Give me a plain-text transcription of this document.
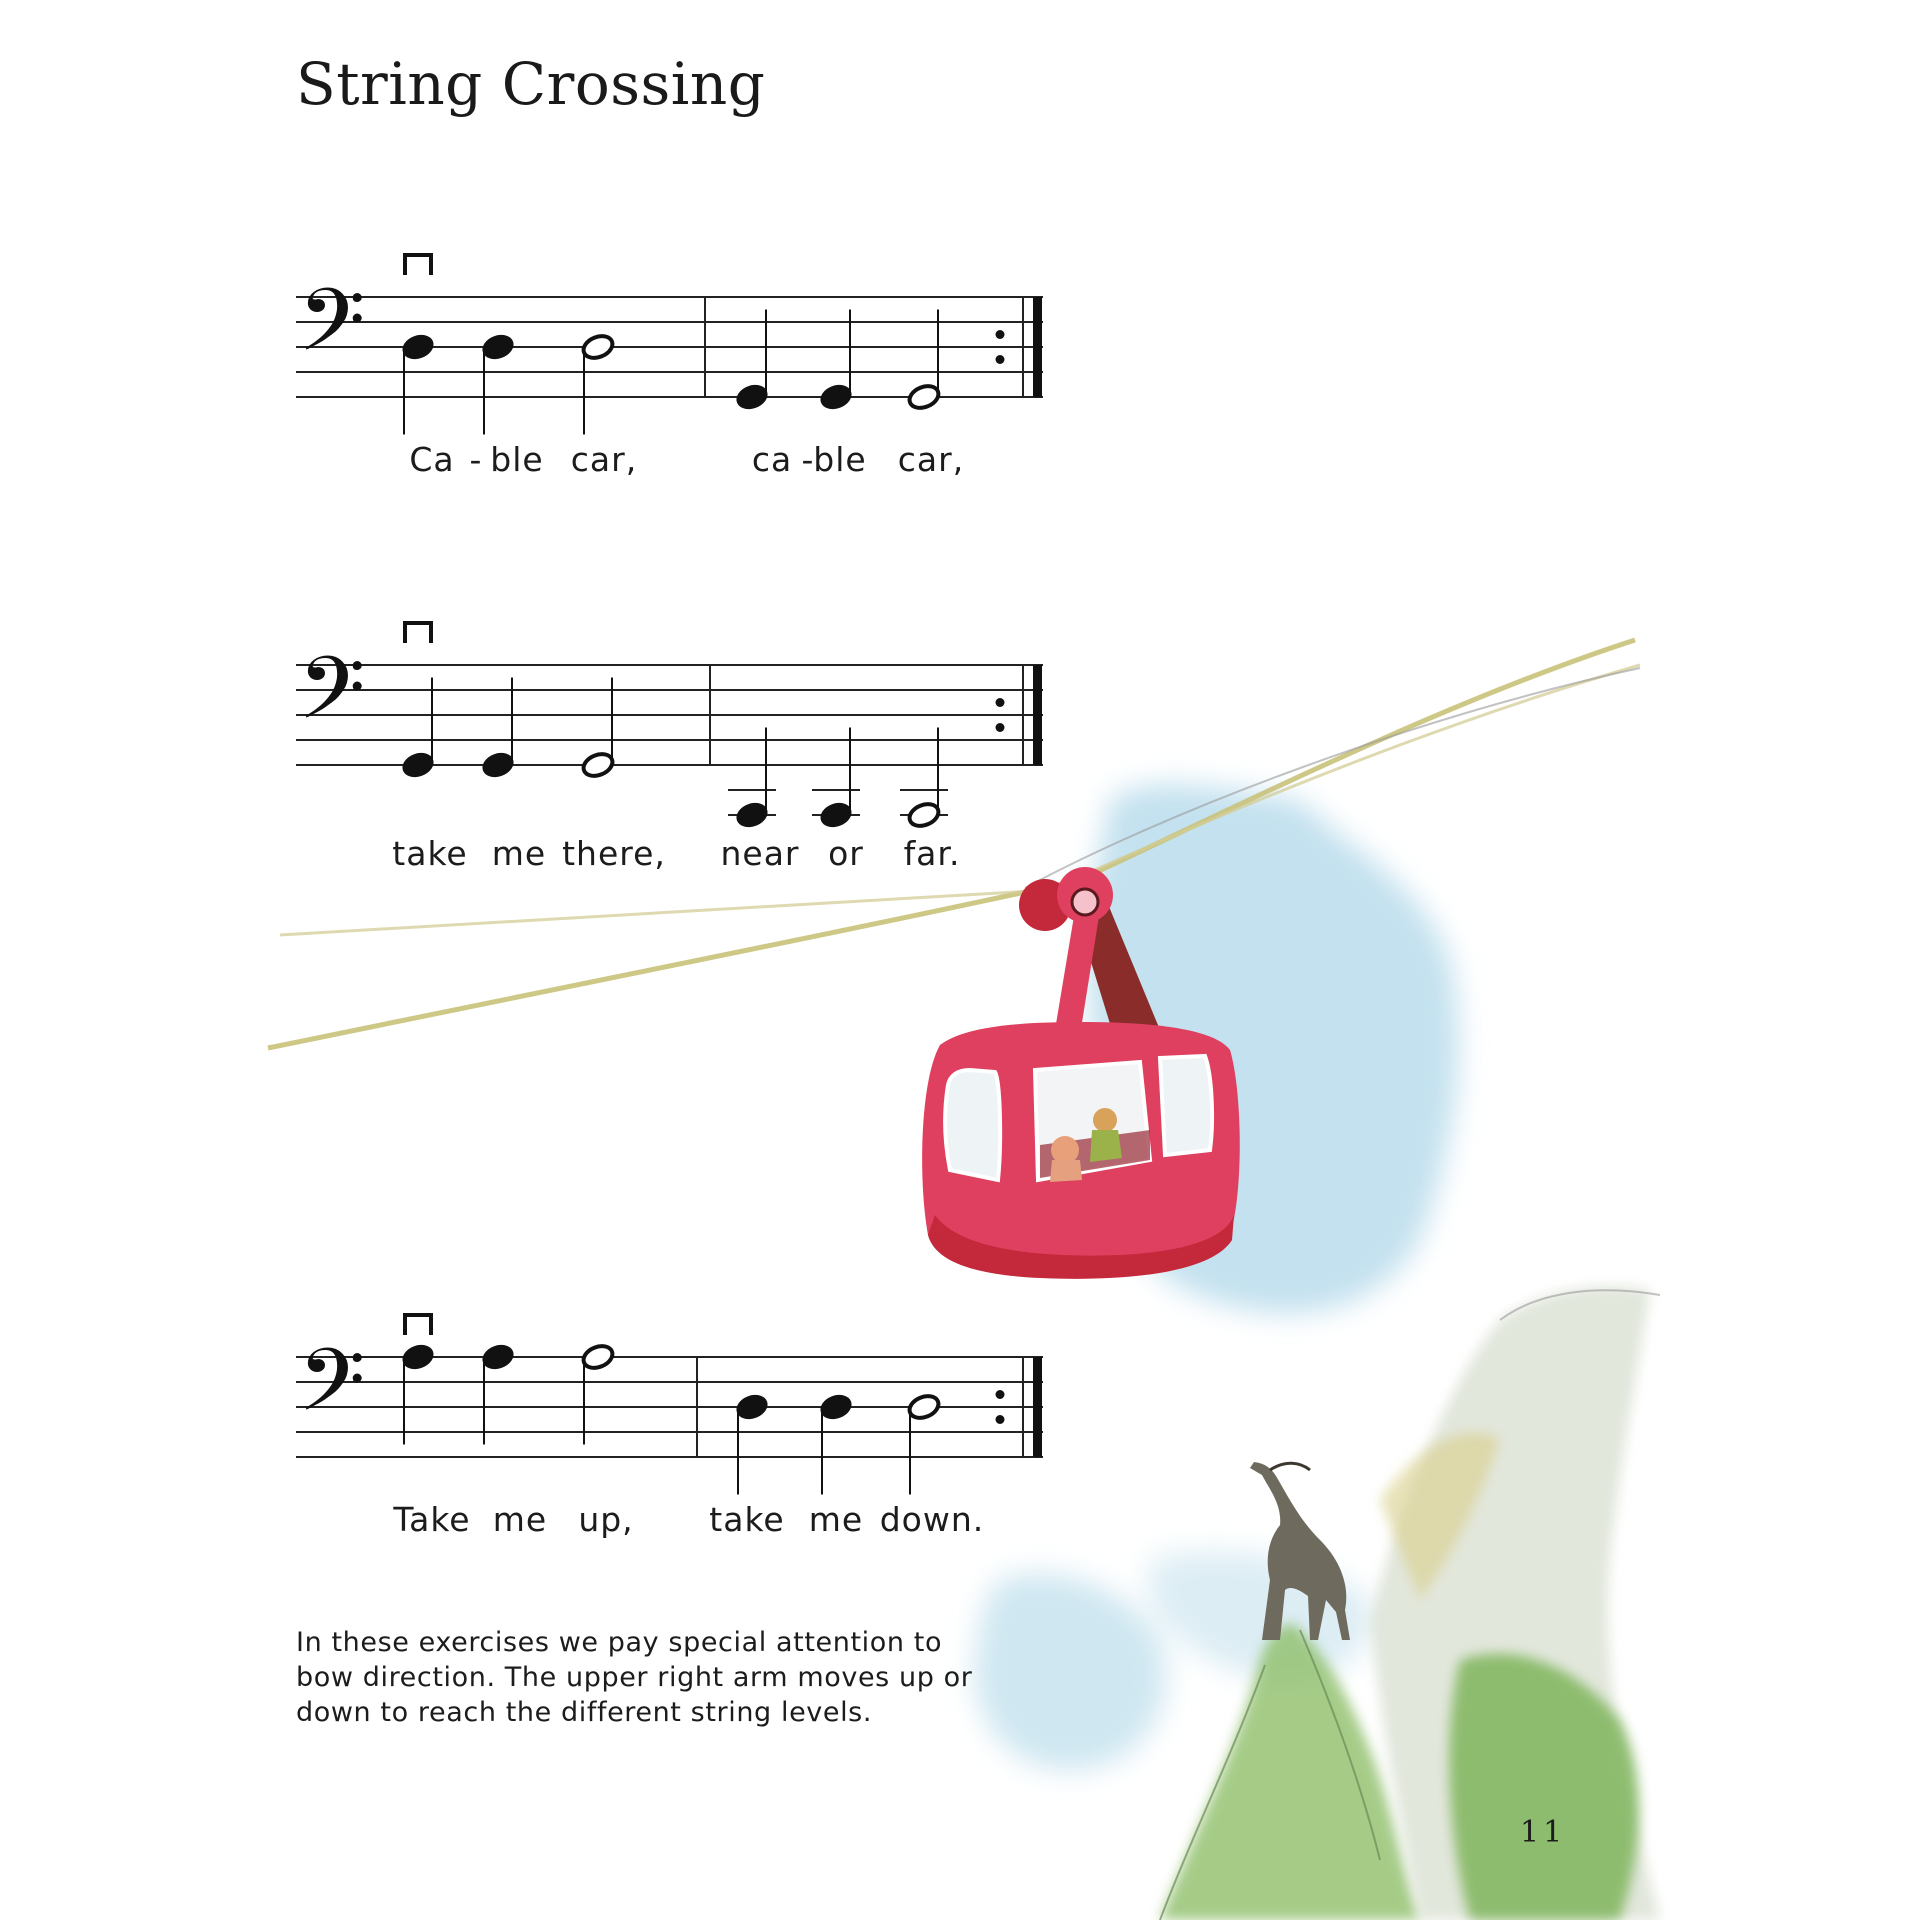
String Crossing
𝄢
𝄢
𝄢
Ca - ble car,	ca -
ble car,
take me there, near or far.
Take me up, take me down.
In these exercises we pay special attention to
bow direction. The upper right arm moves up or
down to reach the different string levels.
11
